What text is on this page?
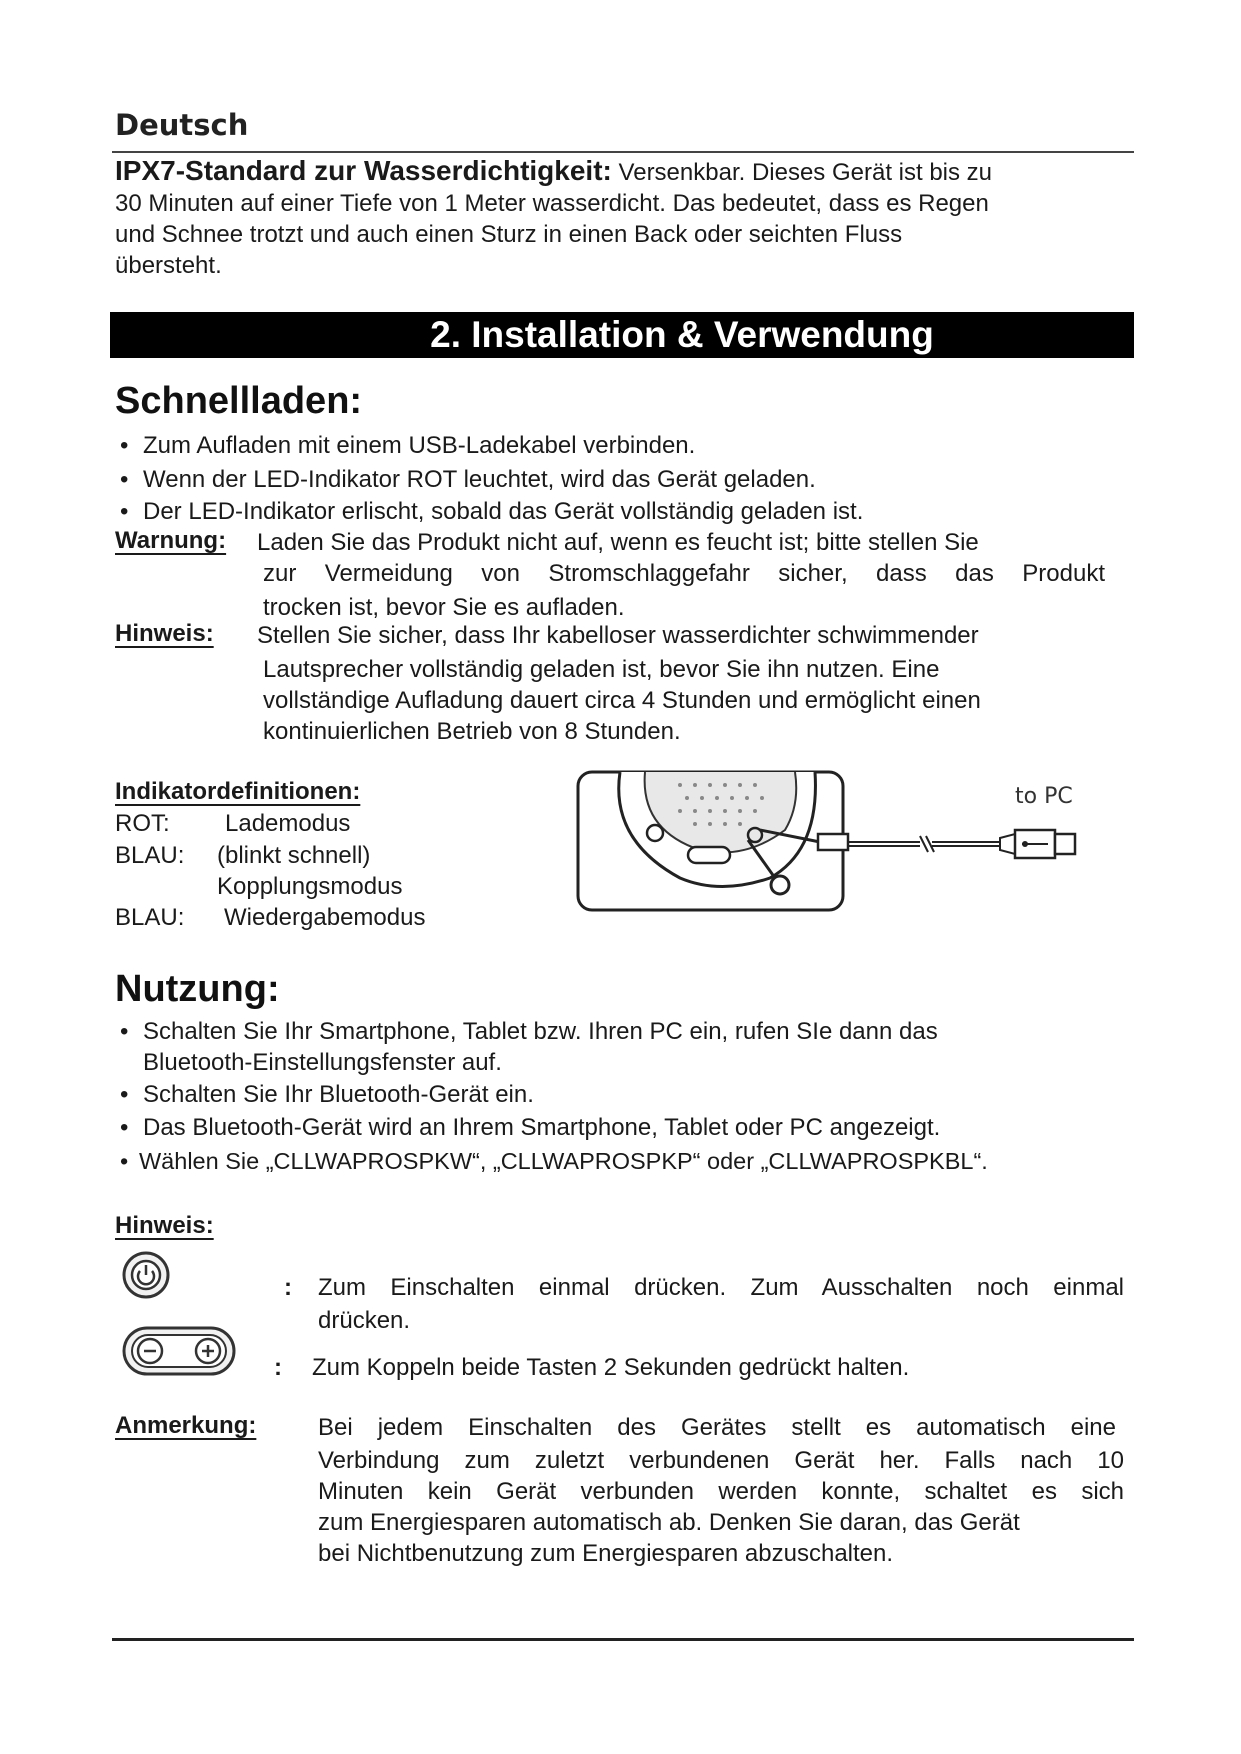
Deutsch
IPX7-Standard zur Wasserdichtigkeit: Versenkbar. Dieses Gerät ist bis zu
30 Minuten auf einer Tiefe von 1 Meter wasserdicht. Das bedeutet, dass es Regen
und Schnee trotzt und auch einen Sturz in einen Back oder seichten Fluss
übersteht.
2. Installation & Verwendung
Schnellladen:
• Zum Aufladen mit einem USB-Ladekabel verbinden.
• Wenn der LED-Indikator ROT leuchtet, wird das Gerät geladen.
• Der LED-Indikator erlischt, sobald das Gerät vollständig geladen ist.
Warnung: Laden Sie das Produkt nicht auf, wenn es feucht ist; bitte stellen Sie
zur Vermeidung von Stromschlaggefahr sicher, dass das Produkt
trocken ist, bevor Sie es aufladen.
Hinweis: Stellen Sie sicher, dass Ihr kabelloser wasserdichter schwimmender
Lautsprecher vollständig geladen ist, bevor Sie ihn nutzen. Eine
vollständige Aufladung dauert circa 4 Stunden und ermöglicht einen
kontinuierlichen Betrieb von 8 Stunden.
Indikatordefinitionen:
ROT: Lademodus
BLAU: (blinkt schnell)
Kopplungsmodus
BLAU: Wiedergabemodus
to PC
Nutzung:
• Schalten Sie Ihr Smartphone, Tablet bzw. Ihren PC ein, rufen SIe dann das
Bluetooth-Einstellungsfenster auf.
• Schalten Sie Ihr Bluetooth-Gerät ein.
• Das Bluetooth-Gerät wird an Ihrem Smartphone, Tablet oder PC angezeigt.
• Wählen Sie „CLLWAPROSPKW“, „CLLWAPROSPKP“ oder „CLLWAPROSPKBL“.
Hinweis:
: Zum Einschalten einmal drücken. Zum Ausschalten noch einmal
drücken.
: Zum Koppeln beide Tasten 2 Sekunden gedrückt halten.
Anmerkung:	Bei jedem Einschalten des Gerätes stellt es automatisch eine
Verbindung zum zuletzt verbundenen Gerät her. Falls nach 10
Minuten kein Gerät verbunden werden konnte, schaltet es sich
zum Energiesparen automatisch ab. Denken Sie daran, das Gerät
bei Nichtbenutzung zum Energiesparen abzuschalten.
